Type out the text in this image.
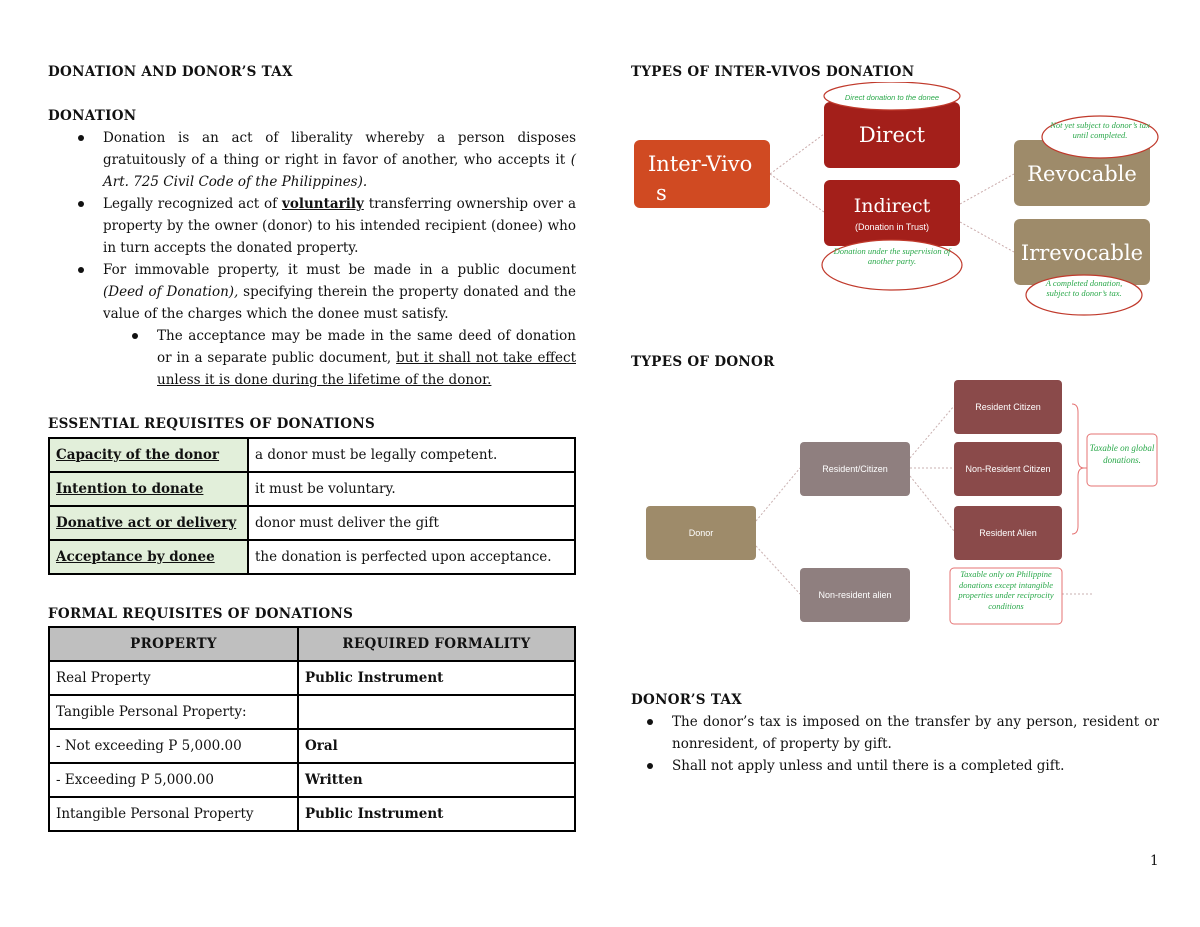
DONATION AND DONOR’S TAX
DONATION
Donation is an act of liberality whereby a person disposes gratuitously of a thing or right in favor of another, who accepts it ( Art. 725 Civil Code of the Philippines).
Legally recognized act of voluntarily transferring ownership over a property by the owner (donor) to his intended recipient (donee) who in turn accepts the donated property.
For immovable property, it must be made in a public document (Deed of Donation), specifying therein the property donated and the value of the charges which the donee must satisfy.
The acceptance may be made in the same deed of donation or in a separate public document, but it shall not take effect unless it is done during the lifetime of the donor.
ESSENTIAL REQUISITES OF DONATIONS
Capacity of the donor	a donor must be legally competent.
Intention to donate	it must be voluntary.
Donative act or delivery	donor must deliver the gift
Acceptance by donee	the donation is perfected upon acceptance.
FORMAL REQUISITES OF DONATIONS
PROPERTY	REQUIRED FORMALITY
Real Property	Public Instrument
Tangible Personal Property:	
- Not exceeding P 5,000.00	Oral
- Exceeding P 5,000.00	Written
Intangible Personal Property	Public Instrument
TYPES OF INTER-VIVOS DONATION
Inter-Vivo
s
Direct
Direct donation to the donee
Indirect
(Donation in Trust)
Donation under the supervision of another party.
Revocable
Not yet subject to donor’s tax until completed.
Irrevocable
A completed donation, subject to donor’s tax.
TYPES OF DONOR
Donor
Resident/Citizen
Non-resident alien
Resident Citizen
Non-Resident Citizen
Resident Alien
Taxable on global donations.
Taxable only on Philippine donations except intangible properties under reciprocity conditions
DONOR’S TAX
The donor’s tax is imposed on the transfer by any person, resident or nonresident, of property by gift.
Shall not apply unless and until there is a completed gift.
1
